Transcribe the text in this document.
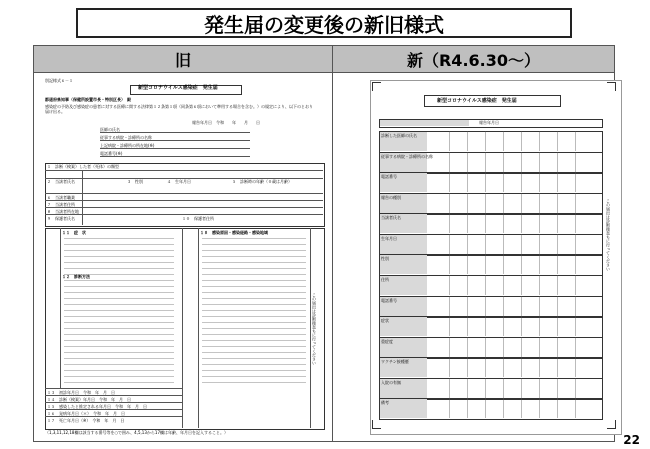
発生届の変更後の新旧様式
旧	新（R4.6.30～）
別記様式６－１
新型コロナウイルス感染症　発生届
都道府県知事（保健所設置市長・特別区長）　殿
感染症の予防及び感染症の患者に対する医療に関する法律第１２条第１項（同条第６項において準用する場合を含む。）の規定により、以下のとおり届け出る。
報告年月日　令和　　年　　月　　日
医師の氏名
従事する病院・診療所の名称
上記病院・診療所の所在地(※)
電話番号(※)
１　診断（検案）した者（死体）の類型
２　当該者氏名	３　性別	４　生年月日	５　診断時の年齢（０歳は月齢）
６　当該者職業
７　当該者住所
８　当該者所在地
９　保護者氏名	１０　保護者住所
１１　症　状
１２　診断方法
１８　感染原因・感染経路・感染地域
この届出は診断後直ちに行ってください
１３　初診年月日　令和　年　月　日
１４　診断（検案）年月日　令和　年　月　日
１５　感染したと推定される年月日　令和　年　月　日
１６　発病年月日（＊）　令和　年　月　日
１７　死亡年月日（※）　令和　年　月　日
（1,3,11,12,18欄は該当する番号等を○で囲み、4,5,13から17欄は年齢、年月日を記入すること。）
新型コロナウイルス感染症　発生届
報告年月日
診断した医師の氏名
従事する病院・診療所の名称
電話番号
報告の種別
当該者氏名
生年月日
性別
住所
電話番号
症状
重症度
ワクチン接種歴
入院の有無
備考
この届出は診断後直ちに行ってください
22
